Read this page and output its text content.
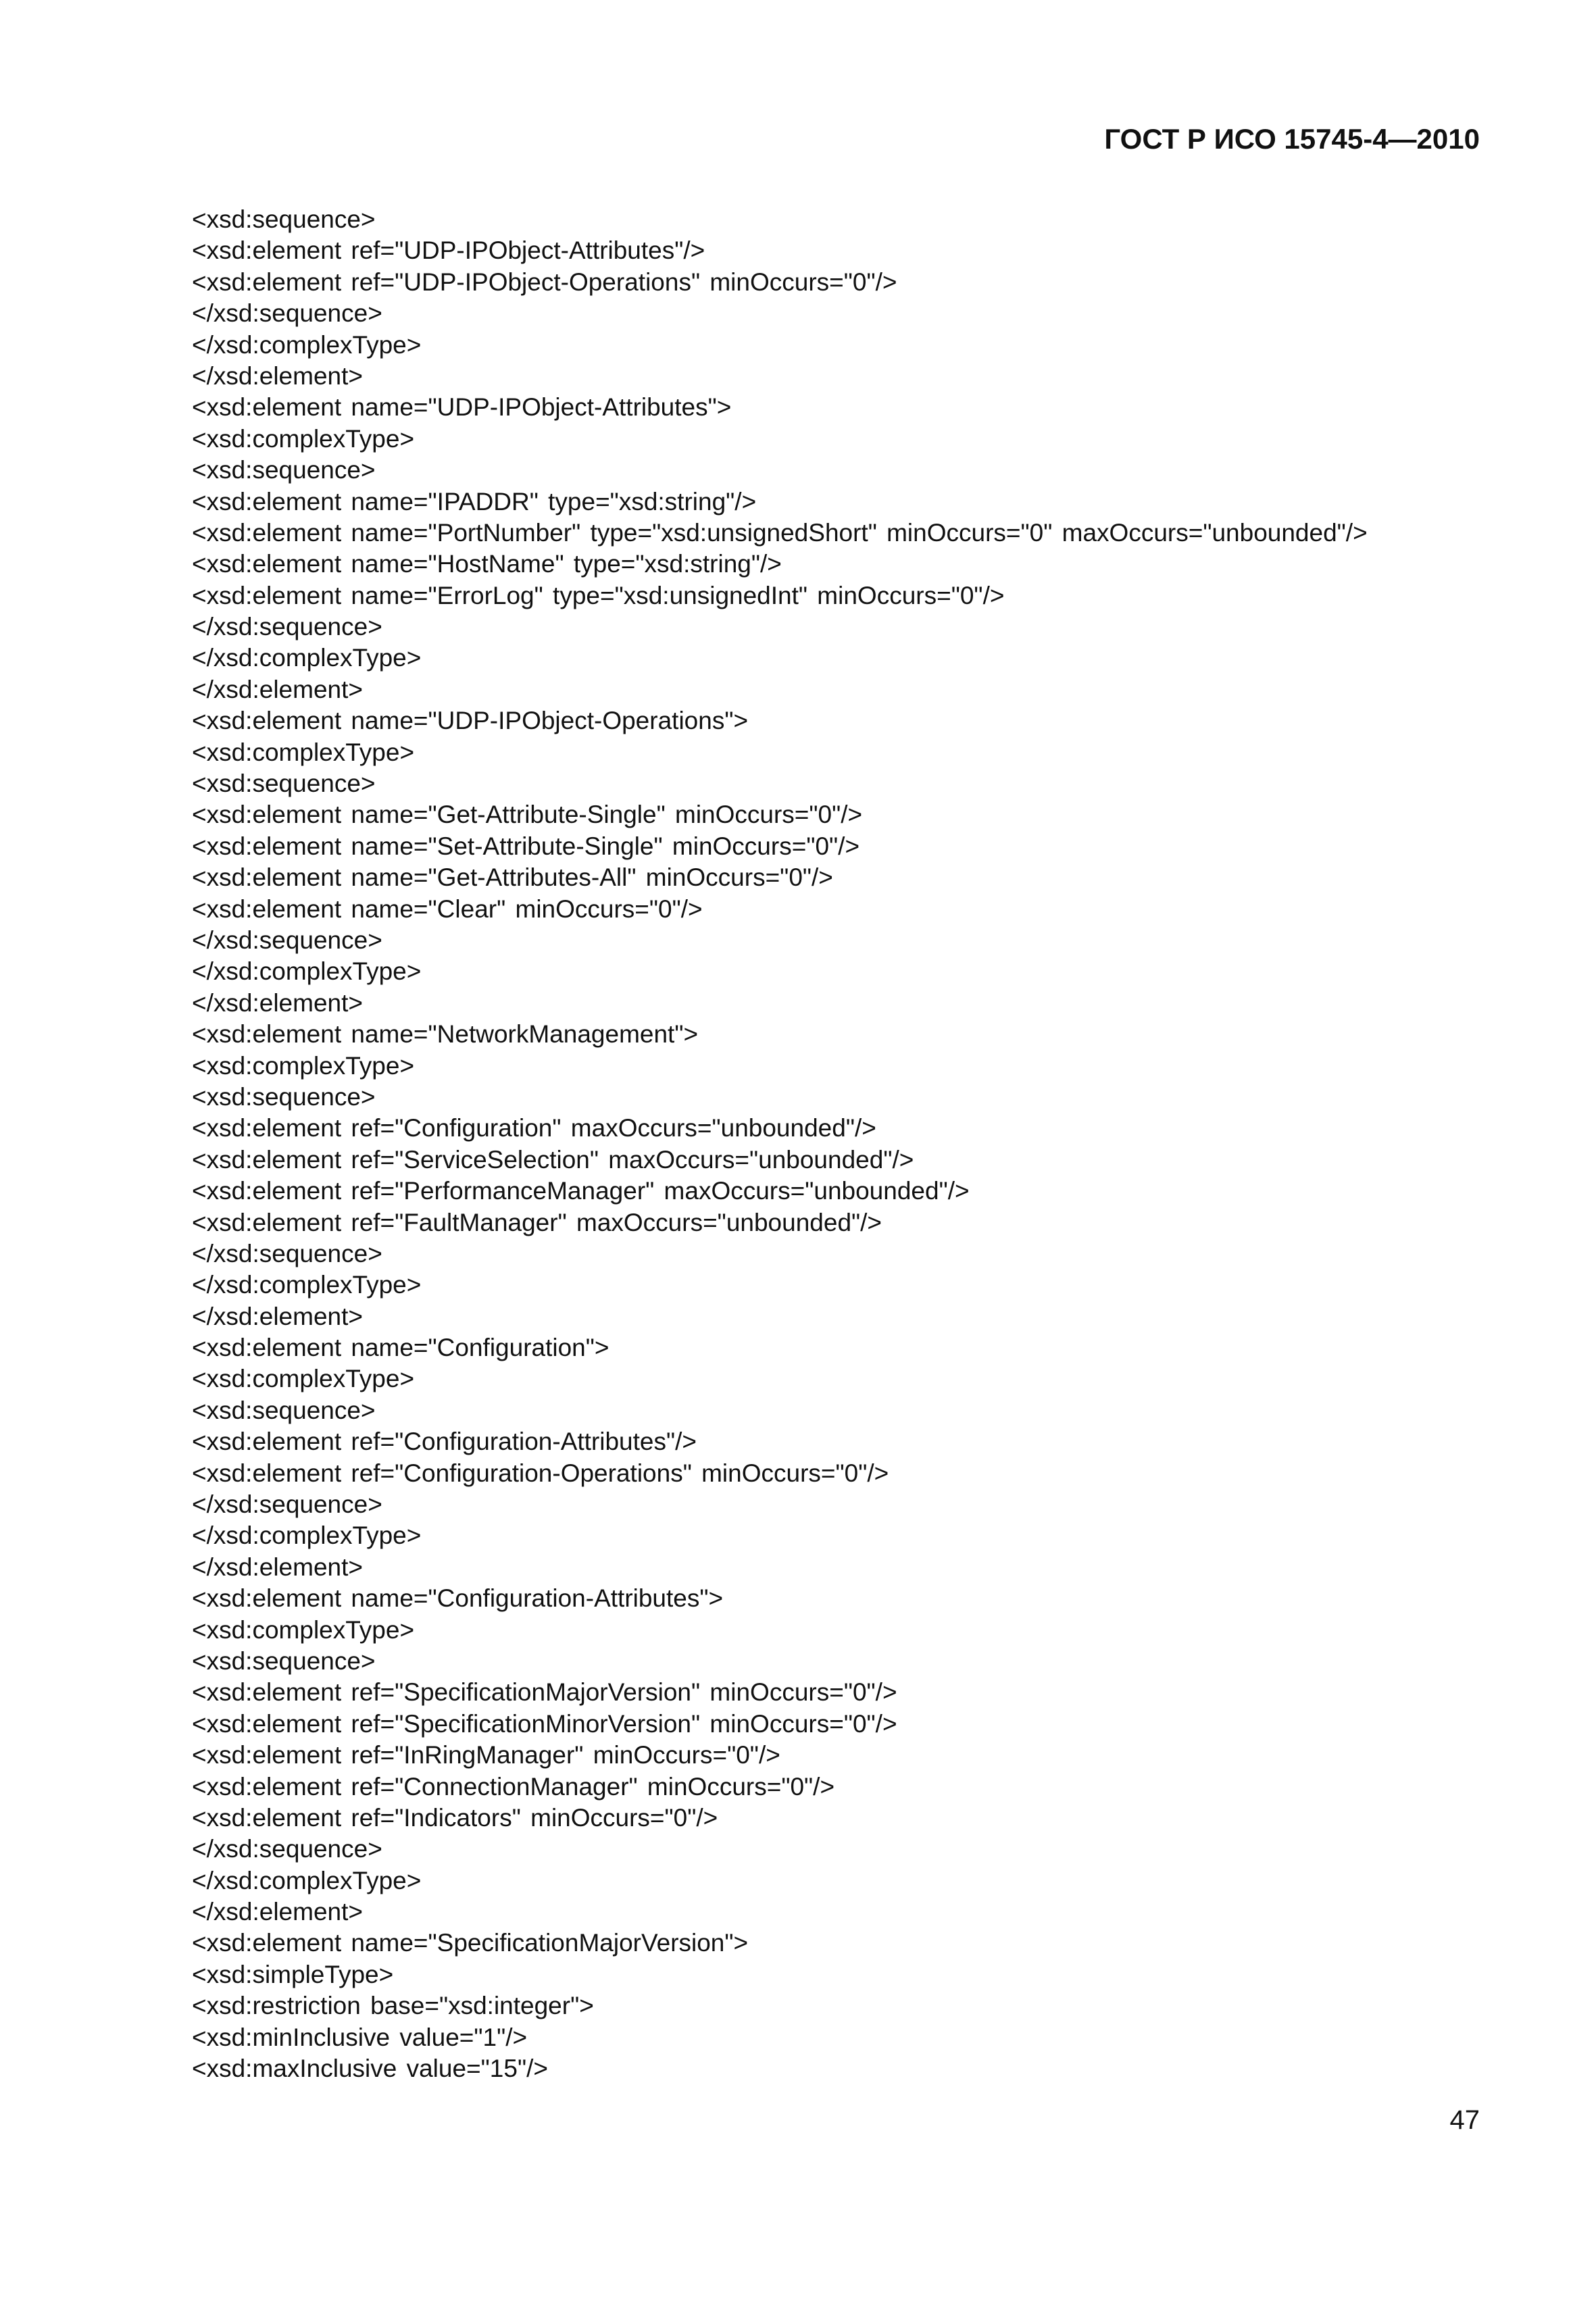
ГОСТ Р ИСО 15745-4—2010
<xsd:sequence>
<xsd:element ref="UDP-IPObject-Attributes"/>
<xsd:element ref="UDP-IPObject-Operations" minOccurs="0"/>
</xsd:sequence>
</xsd:complexType>
</xsd:element>
<xsd:element name="UDP-IPObject-Attributes">
<xsd:complexType>
<xsd:sequence>
<xsd:element name="IPADDR" type="xsd:string"/>
<xsd:element name="PortNumber" type="xsd:unsignedShort" minOccurs="0" maxOccurs="unbounded"/>
<xsd:element name="HostName" type="xsd:string"/>
<xsd:element name="ErrorLog" type="xsd:unsignedInt" minOccurs="0"/>
</xsd:sequence>
</xsd:complexType>
</xsd:element>
<xsd:element name="UDP-IPObject-Operations">
<xsd:complexType>
<xsd:sequence>
<xsd:element name="Get-Attribute-Single" minOccurs="0"/>
<xsd:element name="Set-Attribute-Single" minOccurs="0"/>
<xsd:element name="Get-Attributes-All" minOccurs="0"/>
<xsd:element name="Clear" minOccurs="0"/>
</xsd:sequence>
</xsd:complexType>
</xsd:element>
<xsd:element name="NetworkManagement">
<xsd:complexType>
<xsd:sequence>
<xsd:element ref="Configuration" maxOccurs="unbounded"/>
<xsd:element ref="ServiceSelection" maxOccurs="unbounded"/>
<xsd:element ref="PerformanceManager" maxOccurs="unbounded"/>
<xsd:element ref="FaultManager" maxOccurs="unbounded"/>
</xsd:sequence>
</xsd:complexType>
</xsd:element>
<xsd:element name="Configuration">
<xsd:complexType>
<xsd:sequence>
<xsd:element ref="Configuration-Attributes"/>
<xsd:element ref="Configuration-Operations" minOccurs="0"/>
</xsd:sequence>
</xsd:complexType>
</xsd:element>
<xsd:element name="Configuration-Attributes">
<xsd:complexType>
<xsd:sequence>
<xsd:element ref="SpecificationMajorVersion" minOccurs="0"/>
<xsd:element ref="SpecificationMinorVersion" minOccurs="0"/>
<xsd:element ref="InRingManager" minOccurs="0"/>
<xsd:element ref="ConnectionManager" minOccurs="0"/>
<xsd:element ref="Indicators" minOccurs="0"/>
</xsd:sequence>
</xsd:complexType>
</xsd:element>
<xsd:element name="SpecificationMajorVersion">
<xsd:simpleType>
<xsd:restriction base="xsd:integer">
<xsd:minInclusive value="1"/>
<xsd:maxInclusive value="15"/>
47
